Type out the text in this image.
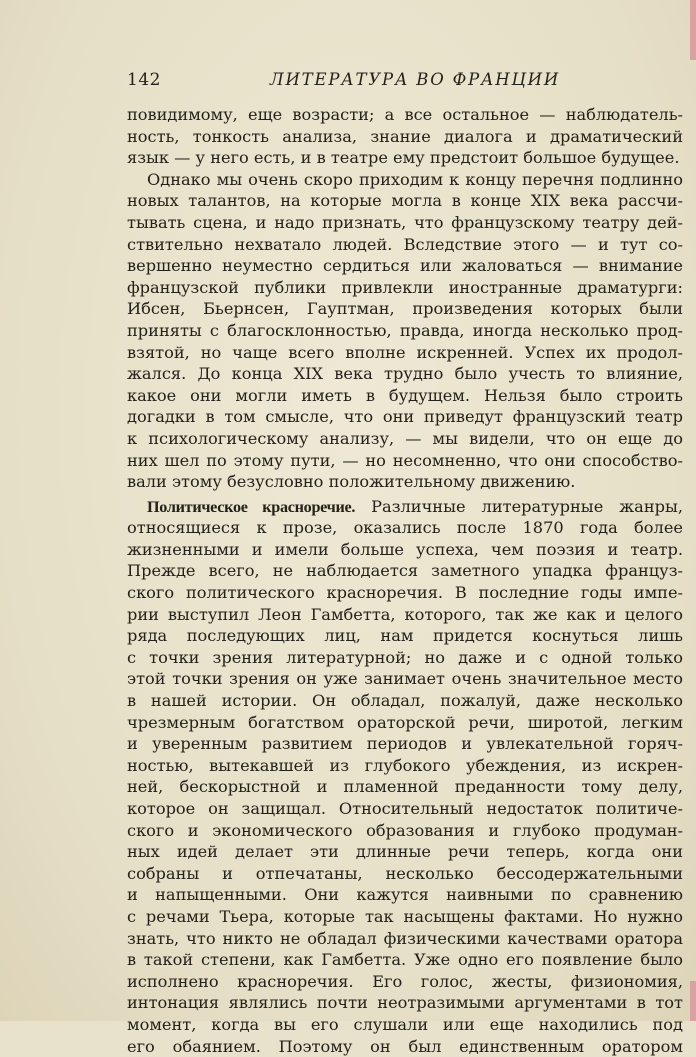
142	ЛИТЕРАТУРА ВО ФРАНЦИИ
повидимому, еще возрасти; а все остальное — наблюдатель-
ность, тонкость анализа, знание диалога и драматический
язык — у него есть, и в театре ему предстоит большое будущее.
Однако мы очень скоро приходим к концу перечня подлинно
новых талантов, на которые могла в конце XIX века рассчи-
тывать сцена, и надо признать, что французскому театру дей-
ствительно нехватало людей. Вследствие этого — и тут со-
вершенно неуместно сердиться или жаловаться — внимание
французской публики привлекли иностранные драматурги:
Ибсен, Бьернсен, Гауптман, произведения которых были
приняты с благосклонностью, правда, иногда несколько прод-
взятой, но чаще всего вполне искренней. Успех их продол-
жался. До конца XIX века трудно было учесть то влияние,
какое они могли иметь в будущем. Нельзя было строить
догадки в том смысле, что они приведут французский театр
к психологическому анализу, — мы видели, что он еще до
них шел по этому пути, — но несомненно, что они способство-
вали этому безусловно положительному движению.
Политическое красноречие. Различные литературные жанры,
относящиеся к прозе, оказались после 1870 года более
жизненными и имели больше успеха, чем поэзия и театр.
Прежде всего, не наблюдается заметного упадка француз-
ского политического красноречия. В последние годы импе-
рии выступил Леон Гамбетта, которого, так же как и целого
ряда последующих лиц, нам придется коснуться лишь
с точки зрения литературной; но даже и с одной только
этой точки зрения он уже занимает очень значительное место
в нашей истории. Он обладал, пожалуй, даже несколько
чрезмерным богатством ораторской речи, широтой, легким
и уверенным развитием периодов и увлекательной горяч-
ностью, вытекавшей из глубокого убеждения, из искрен-
ней, бескорыстной и пламенной преданности тому делу,
которое он защищал. Относительный недостаток политиче-
ского и экономического образования и глубоко продуман-
ных идей делает эти длинные речи теперь, когда они
собраны и отпечатаны, несколько бессодержательными
и напыщенными. Они кажутся наивными по сравнению
с речами Тьера, которые так насыщены фактами. Но нужно
знать, что никто не обладал физическими качествами оратора
в такой степени, как Гамбетта. Уже одно его появление было
исполнено красноречия. Его голос, жесты, физиономия,
интонация являлись почти неотразимыми аргументами в тот
момент, когда вы его слушали или еще находились под
его обаянием. Поэтому он был единственным оратором
